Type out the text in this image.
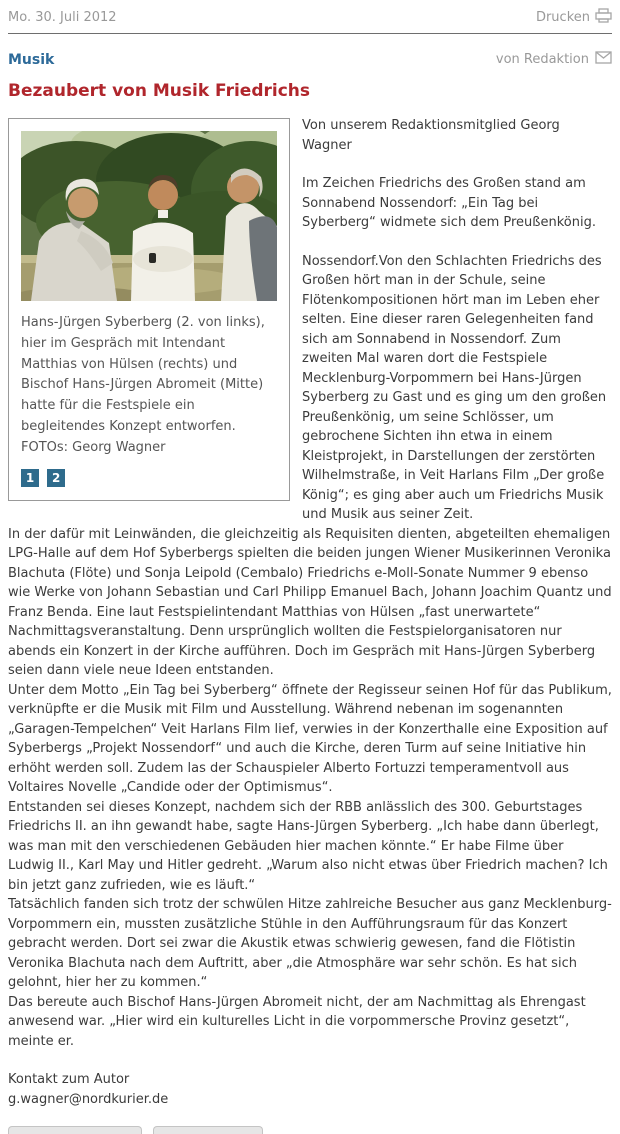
Mo. 30. Juli 2012	Drucken
Musik	von Redaktion
Bezaubert von Musik Friedrichs

Hans-Jürgen Syberberg (2. von links), hier im Gespräch mit Intendant Matthias von Hülsen (rechts) und Bischof Hans-Jürgen Abromeit (Mitte) hatte für die Festspiele ein begleitendes Konzept entworfen.

FOTOs: Georg Wagner

1 2

Von unserem Redaktionsmitglied Georg Wagner

Im Zeichen Friedrichs des Großen stand am Sonnabend Nossendorf: „Ein Tag bei Syberberg“ widmete sich dem Preußenkönig.

Nossendorf.Von den Schlachten Friedrichs des Großen hört man in der Schule, seine Flötenkompositionen hört man im Leben eher selten. Eine dieser raren Gelegenheiten fand sich am Sonnabend in Nossendorf. Zum zweiten Mal waren dort die Festspiele Mecklenburg-Vorpommern bei Hans-Jürgen Syberberg zu Gast und es ging um den großen Preußenkönig, um seine Schlösser, um gebrochene Sichten ihn etwa in einem Kleistprojekt, in Darstellungen der zerstörten Wilhelmstraße, in Veit Harlans Film „Der große König“; es ging aber auch um Friedrichs Musik und Musik aus seiner Zeit.

In der dafür mit Leinwänden, die gleichzeitig als Requisiten dienten, abgeteilten ehemaligen LPG-Halle auf dem Hof Syberbergs spielten die beiden jungen Wiener Musikerinnen Veronika Blachuta (Flöte) und Sonja Leipold (Cembalo) Friedrichs e-Moll-Sonate Nummer 9 ebenso wie Werke von Johann Sebastian und Carl Philipp Emanuel Bach, Johann Joachim Quantz und Franz Benda. Eine laut Festspielintendant Matthias von Hülsen „fast unerwartete“ Nachmittagsveranstaltung. Denn ursprünglich wollten die Festspielorganisatoren nur abends ein Konzert in der Kirche aufführen. Doch im Gespräch mit Hans-Jürgen Syberberg seien dann viele neue Ideen entstanden.

Unter dem Motto „Ein Tag bei Syberberg“ öffnete der Regisseur seinen Hof für das Publikum, verknüpfte er die Musik mit Film und Ausstellung. Während nebenan im sogenannten „Garagen-Tempelchen“ Veit Harlans Film lief, verwies in der Konzerthalle eine Exposition auf Syberbergs „Projekt Nossendorf“ und auch die Kirche, deren Turm auf seine Initiative hin erhöht werden soll. Zudem las der Schauspieler Alberto Fortuzzi temperamentvoll aus Voltaires Novelle „Candide oder der Optimismus“.

Entstanden sei dieses Konzept, nachdem sich der RBB anlässlich des 300. Geburtstages Friedrichs II. an ihn gewandt habe, sagte Hans-Jürgen Syberberg. „Ich habe dann überlegt, was man mit den verschiedenen Gebäuden hier machen könnte.“ Er habe Filme über Ludwig II., Karl May und Hitler gedreht. „Warum also nicht etwas über Friedrich machen? Ich bin jetzt ganz zufrieden, wie es läuft.“

Tatsächlich fanden sich trotz der schwülen Hitze zahlreiche Besucher aus ganz Mecklenburg-Vorpommern ein, mussten zusätzliche Stühle in den Aufführungsraum für das Konzert gebracht werden. Dort sei zwar die Akustik etwas schwierig gewesen, fand die Flötistin Veronika Blachuta nach dem Auftritt, aber „die Atmosphäre war sehr schön. Es hat sich gelohnt, hier her zu kommen.“

Das bereute auch Bischof Hans-Jürgen Abromeit nicht, der am Nachmittag als Ehrengast anwesend war. „Hier wird ein kulturelles Licht in die vorpommersche Provinz gesetzt“, meinte er.

Kontakt zum Autor

g.wagner@nordkurier.de
